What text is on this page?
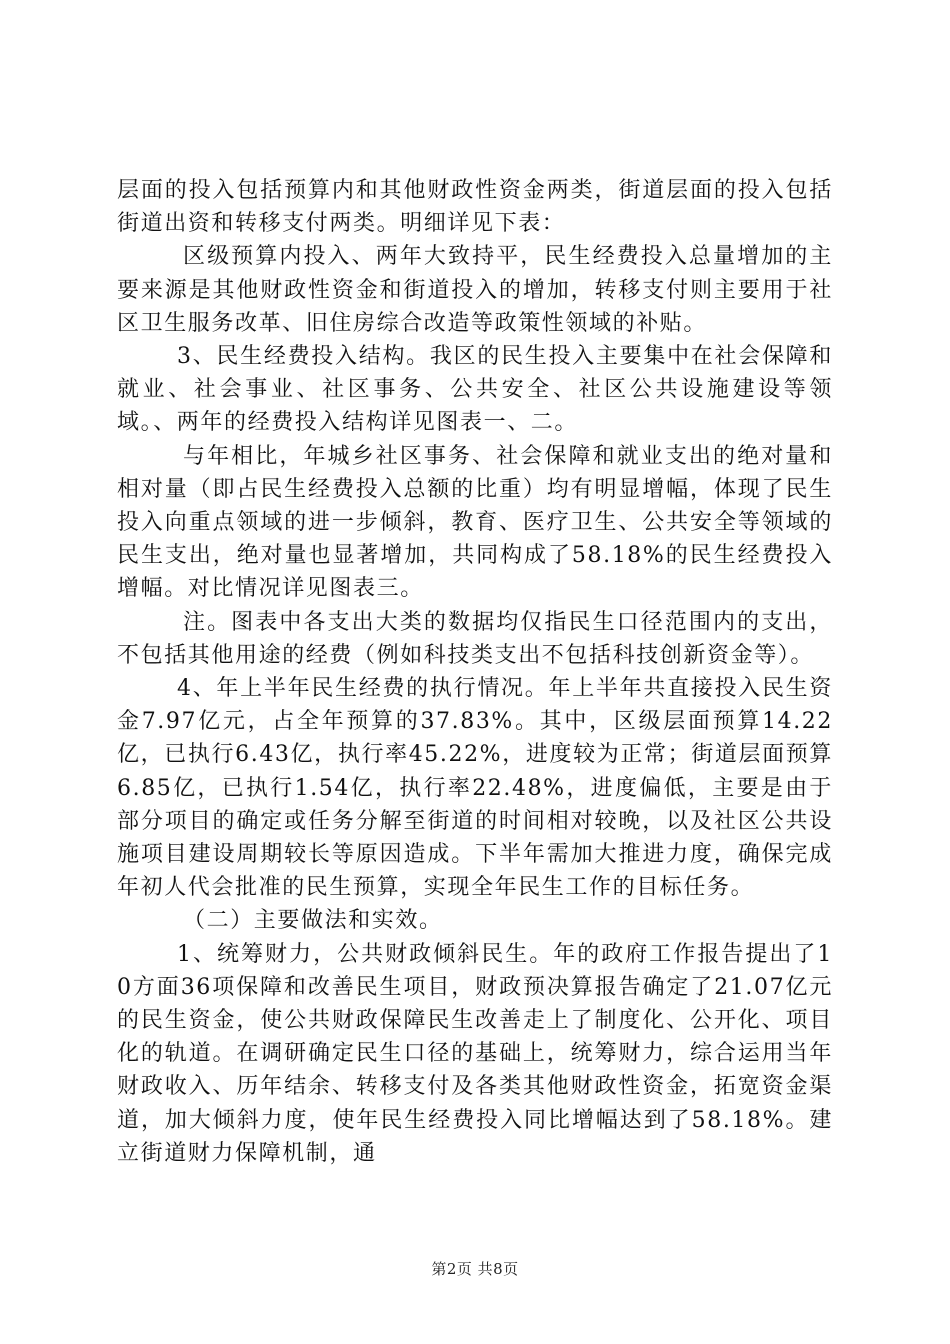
层面的投入包括预算内和其他财政性资金两类，街道层面的投入包括街道出资和转移支付两类。明细详见下表：

区级预算内投入、两年大致持平，民生经费投入总量增加的主要来源是其他财政性资金和街道投入的增加，转移支付则主要用于社区卫生服务改革、旧住房综合改造等政策性领域的补贴。

3、民生经费投入结构。我区的民生投入主要集中在社会保障和就业、社会事业、社区事务、公共安全、社区公共设施建设等领域。、两年的经费投入结构详见图表一、二。

与年相比，年城乡社区事务、社会保障和就业支出的绝对量和相对量（即占民生经费投入总额的比重）均有明显增幅，体现了民生投入向重点领域的进一步倾斜，教育、医疗卫生、公共安全等领域的民生支出，绝对量也显著增加，共同构成了58.18%的民生经费投入增幅。对比情况详见图表三。

注。图表中各支出大类的数据均仅指民生口径范围内的支出，不包括其他用途的经费（例如科技类支出不包括科技创新资金等）。

4、年上半年民生经费的执行情况。年上半年共直接投入民生资金7.97亿元，占全年预算的37.83%。其中，区级层面预算14.22亿，已执行6.43亿，执行率45.22%，进度较为正常；街道层面预算6.85亿，已执行1.54亿，执行率22.48%，进度偏低，主要是由于部分项目的确定或任务分解至街道的时间相对较晚，以及社区公共设施项目建设周期较长等原因造成。下半年需加大推进力度，确保完成年初人代会批准的民生预算，实现全年民生工作的目标任务。

（二）主要做法和实效。

1、统筹财力，公共财政倾斜民生。年的政府工作报告提出了10方面36项保障和改善民生项目，财政预决算报告确定了21.07亿元的民生资金，使公共财政保障民生改善走上了制度化、公开化、项目化的轨道。在调研确定民生口径的基础上，统筹财力，综合运用当年财政收入、历年结余、转移支付及各类其他财政性资金，拓宽资金渠道，加大倾斜力度，使年民生经费投入同比增幅达到了58.18%。建立街道财力保障机制，通

第2页 共8页
